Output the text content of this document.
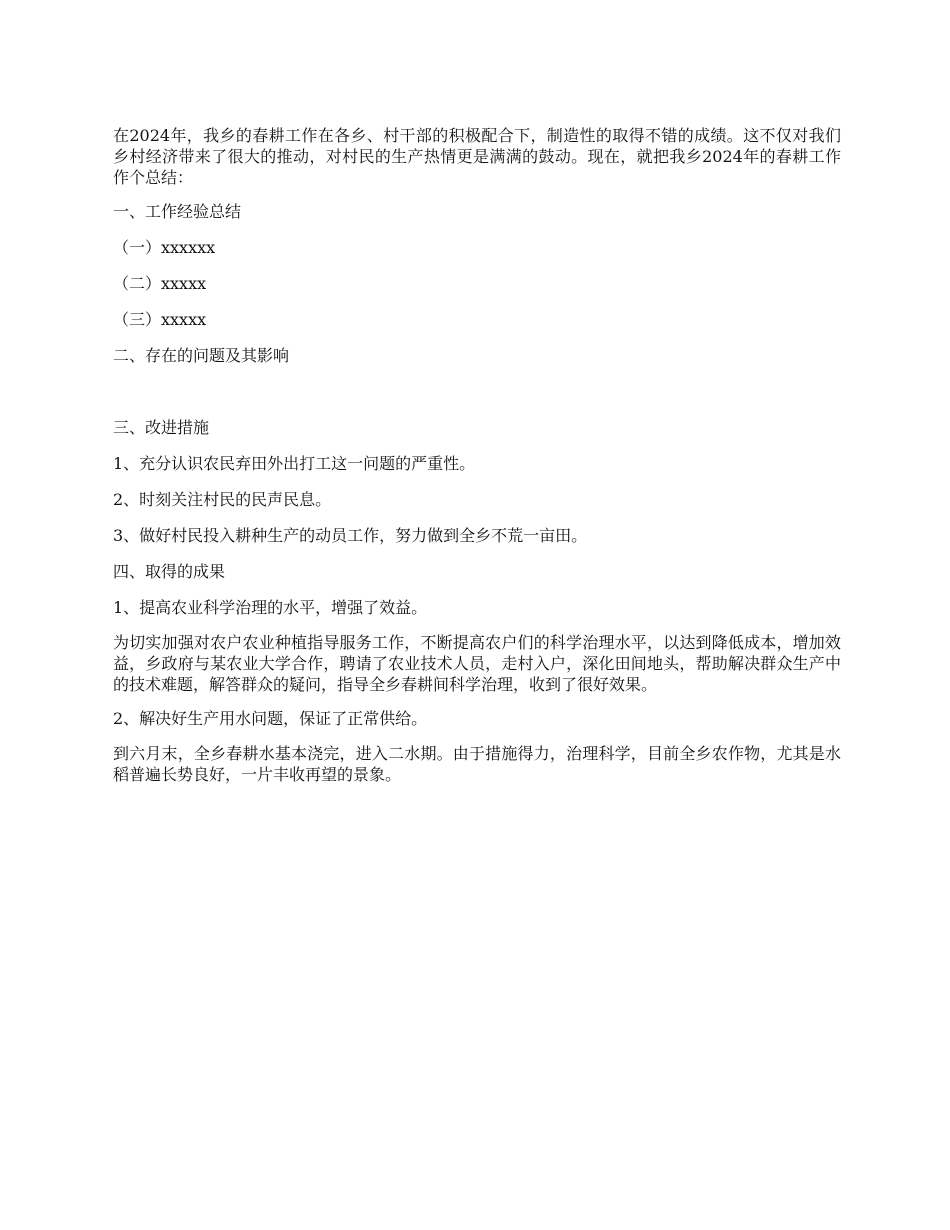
在2024年，我乡的春耕工作在各乡、村干部的积极配合下，制造性的取得不错的成绩。这不仅对我们乡村经济带来了很大的推动，对村民的生产热情更是满满的鼓动。现在，就把我乡2024年的春耕工作作个总结：

一、工作经验总结

（一）xxxxxx

（二）xxxxx

（三）xxxxx

二、存在的问题及其影响

三、改进措施

1、充分认识农民弃田外出打工这一问题的严重性。

2、时刻关注村民的民声民息。

3、做好村民投入耕种生产的动员工作，努力做到全乡不荒一亩田。

四、取得的成果

1、提高农业科学治理的水平，增强了效益。

为切实加强对农户农业种植指导服务工作，不断提高农户们的科学治理水平，以达到降低成本，增加效益，乡政府与某农业大学合作，聘请了农业技术人员，走村入户，深化田间地头，帮助解决群众生产中的技术难题，解答群众的疑问，指导全乡春耕间科学治理，收到了很好效果。

2、解决好生产用水问题，保证了正常供给。

到六月末，全乡春耕水基本浇完，进入二水期。由于措施得力，治理科学，目前全乡农作物，尤其是水稻普遍长势良好，一片丰收再望的景象。
